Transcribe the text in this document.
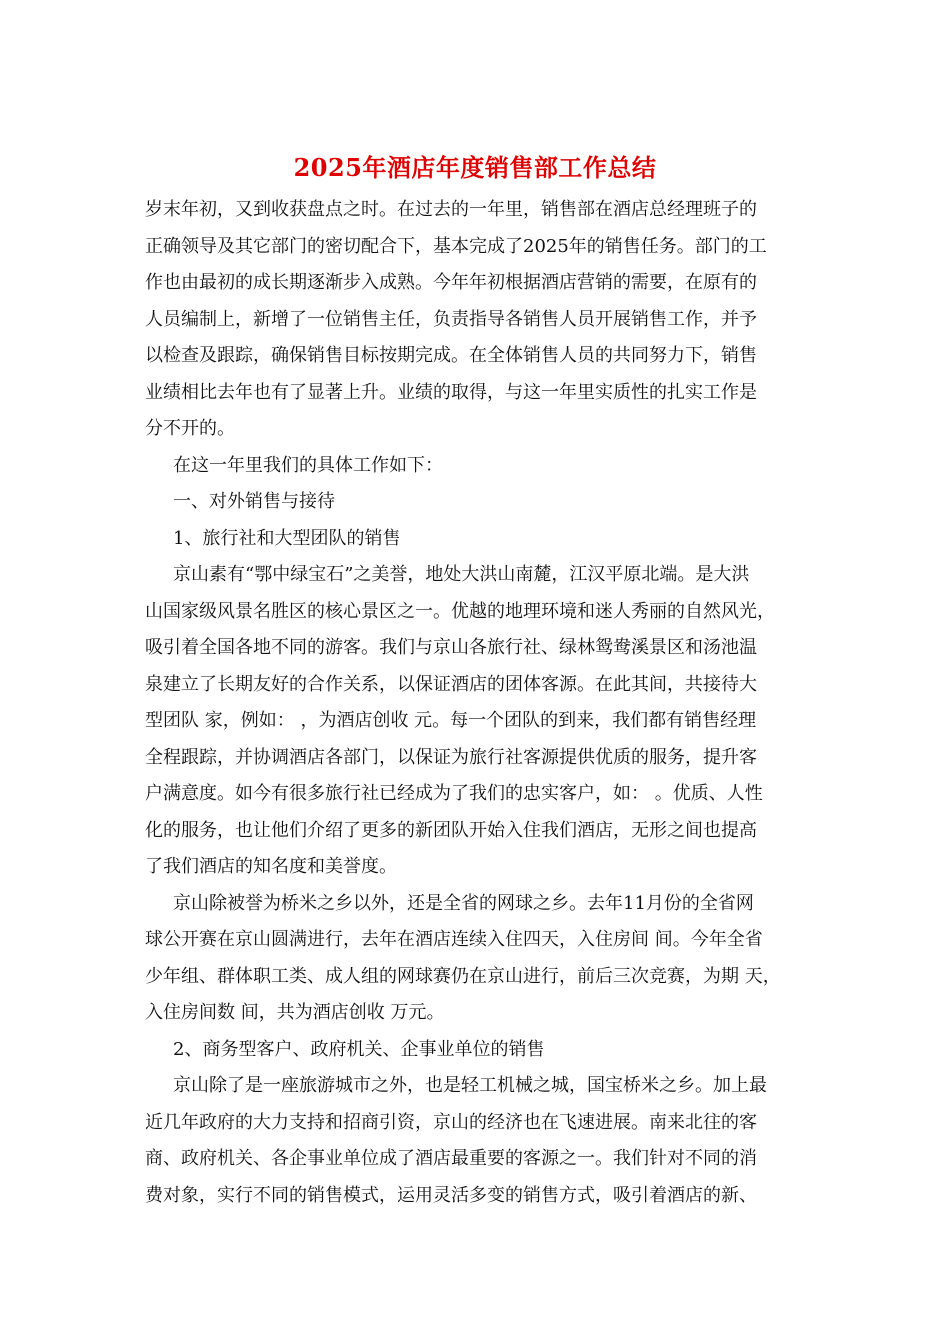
2025年酒店年度销售部工作总结
岁末年初，又到收获盘点之时。在过去的一年里，销售部在酒店总经理班子的
正确领导及其它部门的密切配合下，基本完成了2025年的销售任务。部门的工
作也由最初的成长期逐渐步入成熟。今年年初根据酒店营销的需要，在原有的
人员编制上，新增了一位销售主任，负责指导各销售人员开展销售工作，并予
以检查及跟踪，确保销售目标按期完成。在全体销售人员的共同努力下，销售
业绩相比去年也有了显著上升。业绩的取得，与这一年里实质性的扎实工作是
分不开的。
在这一年里我们的具体工作如下：
一、对外销售与接待
1、旅行社和大型团队的销售
京山素有“鄂中绿宝石”之美誉，地处大洪山南麓，江汉平原北端。是大洪
山国家级风景名胜区的核心景区之一。优越的地理环境和迷人秀丽的自然风光，
吸引着全国各地不同的游客。我们与京山各旅行社、绿林鸳鸯溪景区和汤池温
泉建立了长期友好的合作关系，以保证酒店的团体客源。在此其间，共接待大
型团队 家，例如： ，为酒店创收 元。每一个团队的到来，我们都有销售经理
全程跟踪，并协调酒店各部门，以保证为旅行社客源提供优质的服务，提升客
户满意度。如今有很多旅行社已经成为了我们的忠实客户，如： 。优质、人性
化的服务，也让他们介绍了更多的新团队开始入住我们酒店，无形之间也提高
了我们酒店的知名度和美誉度。
京山除被誉为桥米之乡以外，还是全省的网球之乡。去年11月份的全省网
球公开赛在京山圆满进行，去年在酒店连续入住四天，入住房间 间。今年全省
少年组、群体职工类、成人组的网球赛仍在京山进行，前后三次竞赛，为期 天，
入住房间数 间，共为酒店创收 万元。
2、商务型客户、政府机关、企事业单位的销售
京山除了是一座旅游城市之外，也是轻工机械之城，国宝桥米之乡。加上最
近几年政府的大力支持和招商引资，京山的经济也在飞速进展。南来北往的客
商、政府机关、各企事业单位成了酒店最重要的客源之一。我们针对不同的消
费对象，实行不同的销售模式，运用灵活多变的销售方式，吸引着酒店的新、
